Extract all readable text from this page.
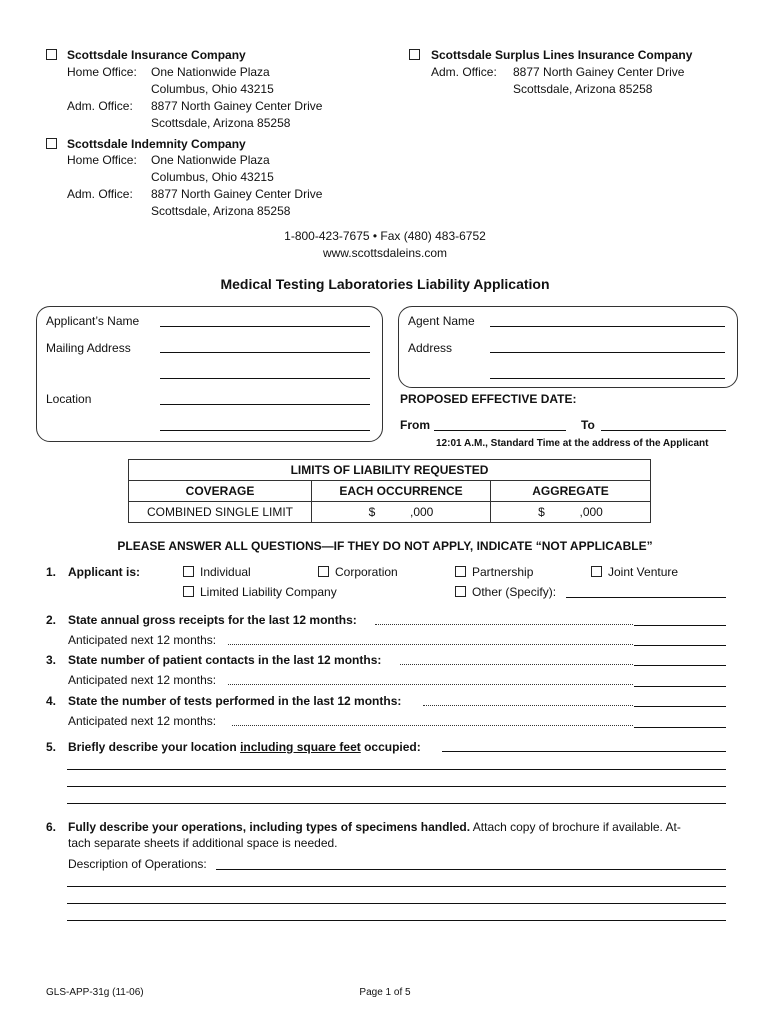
Scottsdale Insurance Company
Home Office: One Nationwide Plaza
Columbus, Ohio 43215
Adm. Office: 8877 North Gainey Center Drive
Scottsdale, Arizona 85258
Scottsdale Indemnity Company
Home Office: One Nationwide Plaza
Columbus, Ohio 43215
Adm. Office: 8877 North Gainey Center Drive
Scottsdale, Arizona 85258
Scottsdale Surplus Lines Insurance Company
Adm. Office: 8877 North Gainey Center Drive
Scottsdale, Arizona 85258
1-800-423-7675 • Fax (480) 483-6752
www.scottsdaleins.com
Medical Testing Laboratories Liability Application
Applicant’s Name
Mailing Address
Location
Agent Name
Address
PROPOSED EFFECTIVE DATE:
From	To
12:01 A.M., Standard Time at the address of the Applicant
LIMITS OF LIABILITY REQUESTED		
COVERAGE	EACH OCCURRENCE	AGGREGATE
COMBINED SINGLE LIMIT	$ ,000	$ ,000
PLEASE ANSWER ALL QUESTIONS—IF THEY DO NOT APPLY, INDICATE “NOT APPLICABLE”
1. Applicant is:	Individual	Corporation	Partnership	Joint Venture
Limited Liability Company	Other (Specify):
2. State annual gross receipts for the last 12 months:
Anticipated next 12 months:
3. State number of patient contacts in the last 12 months:
Anticipated next 12 months:
4. State the number of tests performed in the last 12 months:
Anticipated next 12 months:
5. Briefly describe your location including square feet occupied:
6. Fully describe your operations, including types of specimens handled. Attach copy of brochure if available. At-
tach separate sheets if additional space is needed.
Description of Operations:
GLS-APP-31g (11-06)	Page 1 of 5
